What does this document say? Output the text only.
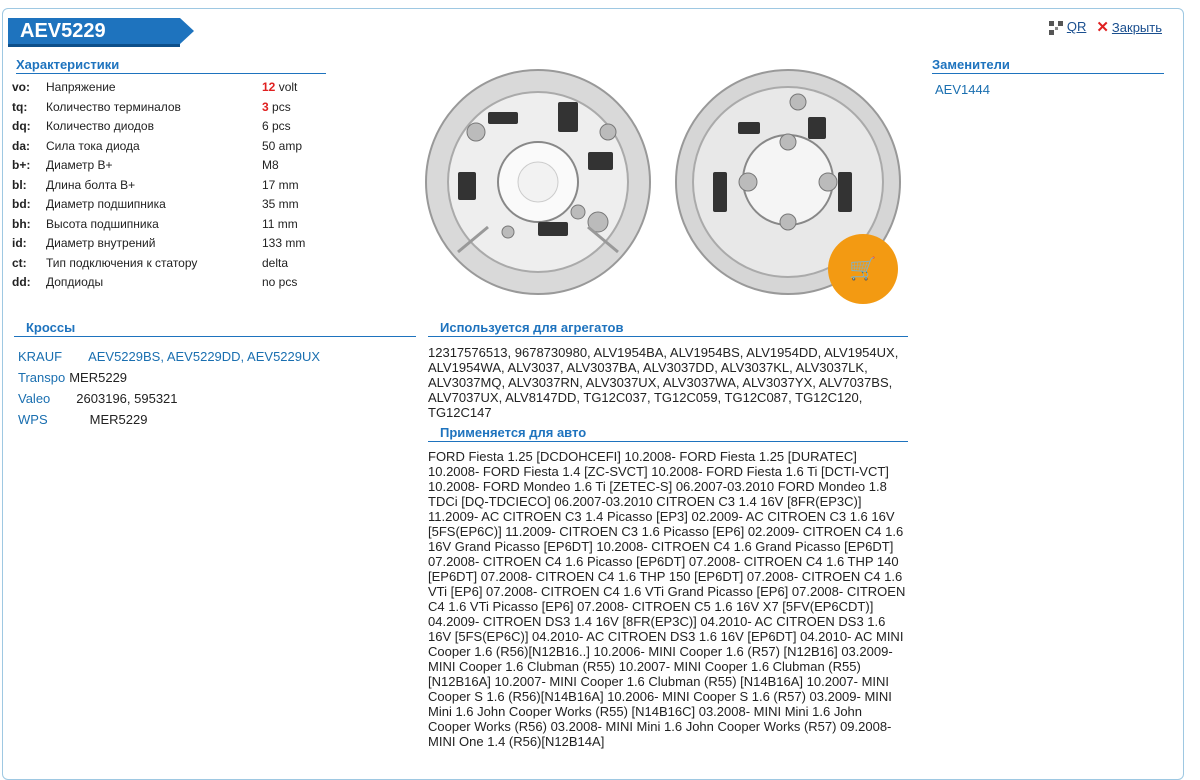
AEV5229	QR ✕ Закрыть
Характеристики
vo:	Напряжение	12 volt
tq:	Количество терминалов	3 pcs
dq:	Количество диодов	6 pcs
da:	Сила тока диода	50 amp
b+:	Диаметр B+	M8
bl:	Длина болта B+	17 mm
bd:	Диаметр подшипника	35 mm
bh:	Высота подшипника	11 mm
id:	Диаметр внутрений	133 mm
ct:	Тип подключения к статору	delta
dd:	Допдиоды	no pcs
🛒
Заменители
AEV1444
Кроссы
KRAUF AEV5229BS, AEV5229DD, AEV5229UX
Transpo MER5229
Valeo 2603196, 595321
WPS	MER5229
Используется для агрегатов
12317576513, 9678730980, ALV1954BA, ALV1954BS, ALV1954DD, ALV1954UX, ALV1954WA, ALV3037, ALV3037BA, ALV3037DD, ALV3037KL, ALV3037LK, ALV3037MQ, ALV3037RN, ALV3037UX, ALV3037WA, ALV3037YX, ALV7037BS, ALV7037UX, ALV8147DD, TG12C037, TG12C059, TG12C087, TG12C120, TG12C147
Применяется для авто
FORD Fiesta 1.25 [DCDOHCEFI] 10.2008- FORD Fiesta 1.25 [DURATEC] 10.2008- FORD Fiesta 1.4 [ZC-SVCT] 10.2008- FORD Fiesta 1.6 Ti [DCTI-VCT] 10.2008- FORD Mondeo 1.6 Ti [ZETEC-S] 06.2007-03.2010 FORD Mondeo 1.8 TDCi [DQ-TDCIECO] 06.2007-03.2010 CITROEN C3 1.4 16V [8FR(EP3C)] 11.2009- AC CITROEN C3 1.4 Picasso [EP3] 02.2009- AC CITROEN C3 1.6 16V [5FS(EP6C)] 11.2009- CITROEN C3 1.6 Picasso [EP6] 02.2009- CITROEN C4 1.6 16V Grand Picasso [EP6DT] 10.2008- CITROEN C4 1.6 Grand Picasso [EP6DT] 07.2008- CITROEN C4 1.6 Picasso [EP6DT] 07.2008- CITROEN C4 1.6 THP 140 [EP6DT] 07.2008- CITROEN C4 1.6 THP 150 [EP6DT] 07.2008- CITROEN C4 1.6 VTi [EP6] 07.2008- CITROEN C4 1.6 VTi Grand Picasso [EP6] 07.2008- CITROEN C4 1.6 VTi Picasso [EP6] 07.2008- CITROEN C5 1.6 16V X7 [5FV(EP6CDT)] 04.2009- CITROEN DS3 1.4 16V [8FR(EP3C)] 04.2010- AC CITROEN DS3 1.6 16V [5FS(EP6C)] 04.2010- AC CITROEN DS3 1.6 16V [EP6DT] 04.2010- AC MINI Cooper 1.6 (R56)[N12B16..] 10.2006- MINI Cooper 1.6 (R57) [N12B16] 03.2009- MINI Cooper 1.6 Clubman (R55) 10.2007- MINI Cooper 1.6 Clubman (R55)[N12B16A] 10.2007- MINI Cooper 1.6 Clubman (R55) [N14B16A] 10.2007- MINI Cooper S 1.6 (R56)[N14B16A] 10.2006- MINI Cooper S 1.6 (R57) 03.2009- MINI Mini 1.6 John Cooper Works (R55) [N14B16C] 03.2008- MINI Mini 1.6 John Cooper Works (R56) 03.2008- MINI Mini 1.6 John Cooper Works (R57) 09.2008- MINI One 1.4 (R56)[N12B14A]
